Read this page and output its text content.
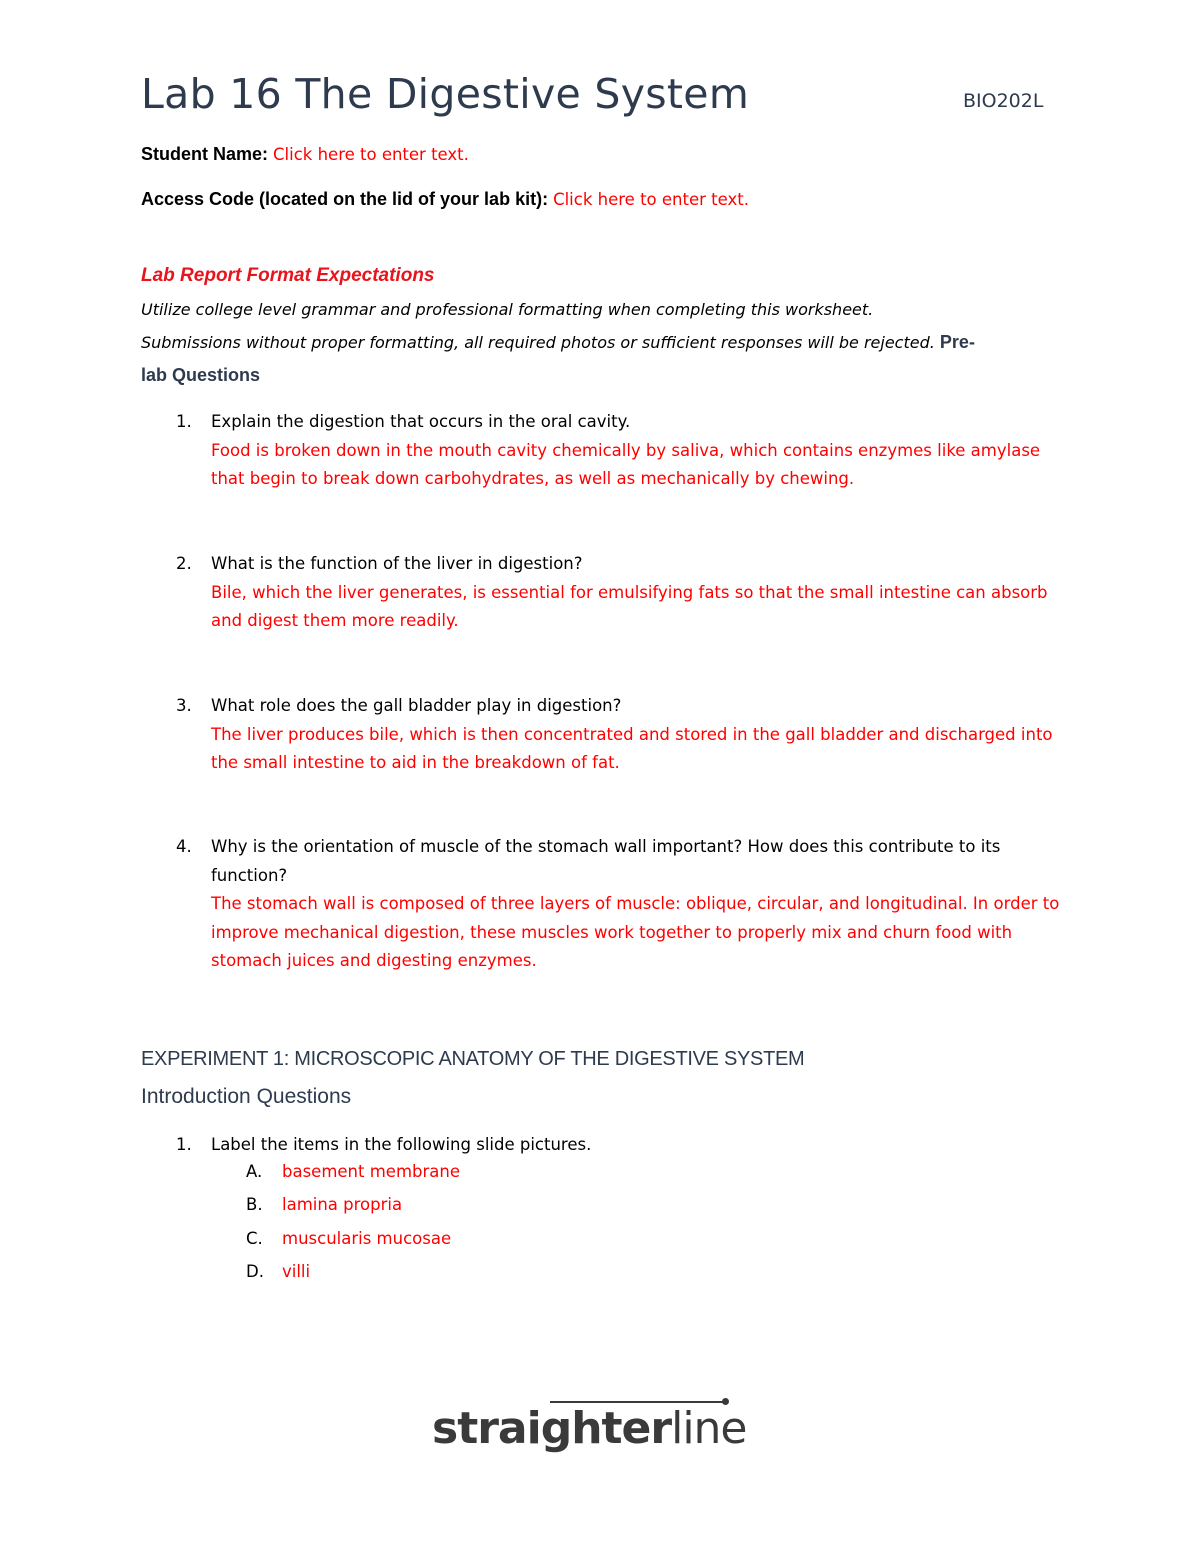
Lab 16 The Digestive System	BIO202L
Student Name: Click here to enter text.
Access Code (located on the lid of your lab kit): Click here to enter text.
Lab Report Format Expectations
Utilize college level grammar and professional formatting when completing this worksheet.
Submissions without proper formatting, all required photos or sufficient responses will be rejected. Pre-
lab Questions
1. Explain the digestion that occurs in the oral cavity.
Food is broken down in the mouth cavity chemically by saliva, which contains enzymes like amylase that begin to break down carbohydrates, as well as mechanically by chewing.
2. What is the function of the liver in digestion?
Bile, which the liver generates, is essential for emulsifying fats so that the small intestine can absorb and digest them more readily.
3. What role does the gall bladder play in digestion?
The liver produces bile, which is then concentrated and stored in the gall bladder and discharged into the small intestine to aid in the breakdown of fat.
4. Why is the orientation of muscle of the stomach wall important? How does this contribute to its function?
The stomach wall is composed of three layers of muscle: oblique, circular, and longitudinal. In order to improve mechanical digestion, these muscles work together to properly mix and churn food with stomach juices and digesting enzymes.
EXPERIMENT 1: MICROSCOPIC ANATOMY OF THE DIGESTIVE SYSTEM
Introduction Questions
1. Label the items in the following slide pictures.
A. basement membrane
B. lamina propria
C. muscularis mucosae
D. villi
straighterline
